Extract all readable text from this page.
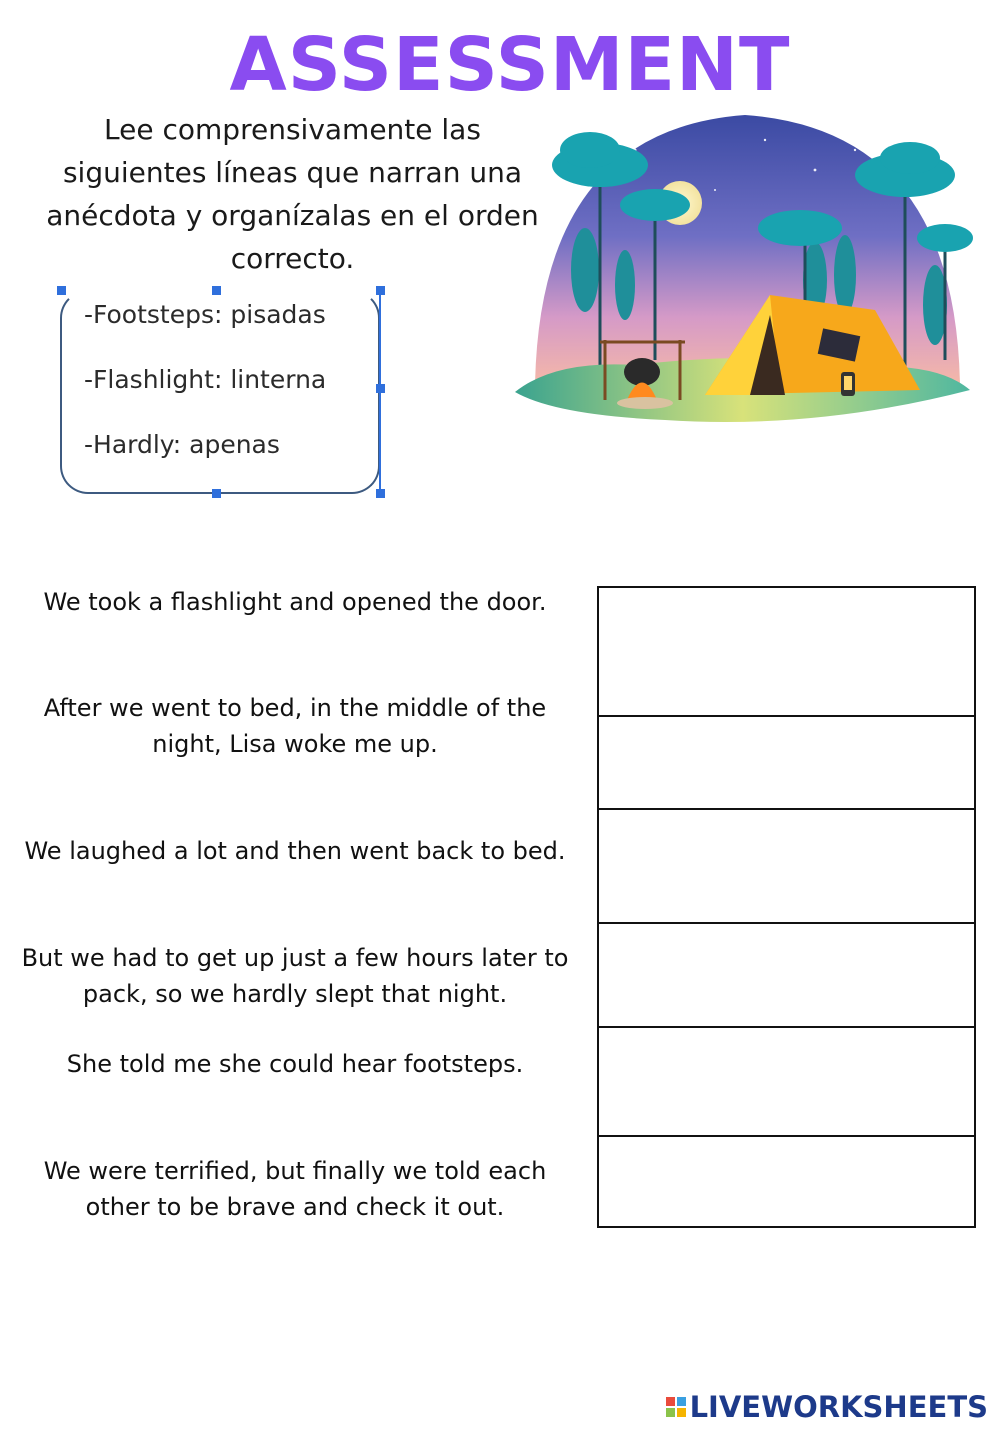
ASSESSMENT
Lee comprensivamente las siguientes líneas que narran una anécdota y organízalas en el orden correcto.
-Footsteps: pisadas
-Flashlight: linterna
-Hardly: apenas
We took a flashlight and opened the door.
After we went to bed, in the middle of the night, Lisa woke me up.
We laughed a lot and then went back to bed.
But we had to get up just a few hours later to pack, so we hardly slept that night.
She told me she could hear footsteps.
We were terrified, but finally we told each other to be brave and check it out.
LIVEWORKSHEETS
